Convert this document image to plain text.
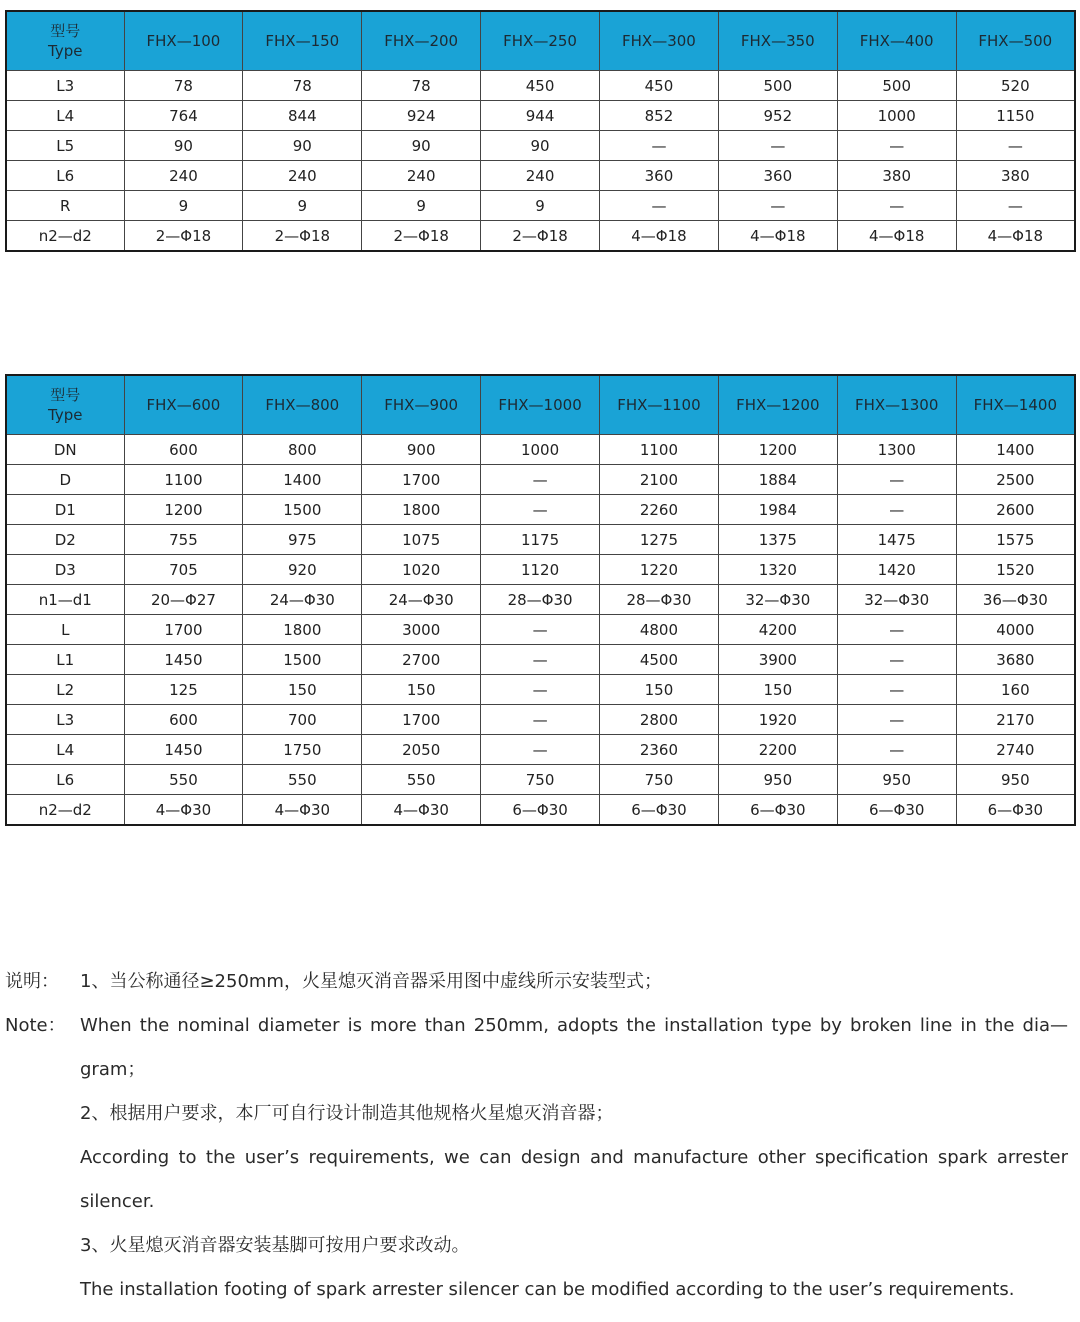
型号
Type	FHX—100	FHX—150	FHX—200	FHX—250	FHX—300	FHX—350	FHX—400	FHX—500
L3	78	78	78	450	450	500	500	520
L4	764	844	924	944	852	952	1000	1150
L5	90	90	90	90	—	—	—	—
L6	240	240	240	240	360	360	380	380
R	9	9	9	9	—	—	—	—
n2—d2	2—Φ18	2—Φ18	2—Φ18	2—Φ18	4—Φ18	4—Φ18	4—Φ18	4—Φ18
型号
Type	FHX—600	FHX—800	FHX—900	FHX—1000	FHX—1100	FHX—1200	FHX—1300	FHX—1400
DN	600	800	900	1000	1100	1200	1300	1400
D	1100	1400	1700	—	2100	1884	—	2500
D1	1200	1500	1800	—	2260	1984	—	2600
D2	755	975	1075	1175	1275	1375	1475	1575
D3	705	920	1020	1120	1220	1320	1420	1520
n1—d1	20—Φ27	24—Φ30	24—Φ30	28—Φ30	28—Φ30	32—Φ30	32—Φ30	36—Φ30
L	1700	1800	3000	—	4800	4200	—	4000
L1	1450	1500	2700	—	4500	3900	—	3680
L2	125	150	150	—	150	150	—	160
L3	600	700	1700	—	2800	1920	—	2170
L4	1450	1750	2050	—	2360	2200	—	2740
L6	550	550	550	750	750	950	950	950
n2—d2	4—Φ30	4—Φ30	4—Φ30	6—Φ30	6—Φ30	6—Φ30	6—Φ30	6—Φ30
说明： 1、当公称通径≥250mm，火星熄灭消音器采用图中虚线所示安装型式；
Note： When the nominal diameter is more than 250mm, adopts the installation type by broken line in the dia—
gram；
2、根据用户要求，本厂可自行设计制造其他规格火星熄灭消音器；
According to the user’s requirements, we can design and manufacture other specification spark arrester
silencer.
3、火星熄灭消音器安装基脚可按用户要求改动。
The installation footing of spark arrester silencer can be modified according to the user’s requirements.
